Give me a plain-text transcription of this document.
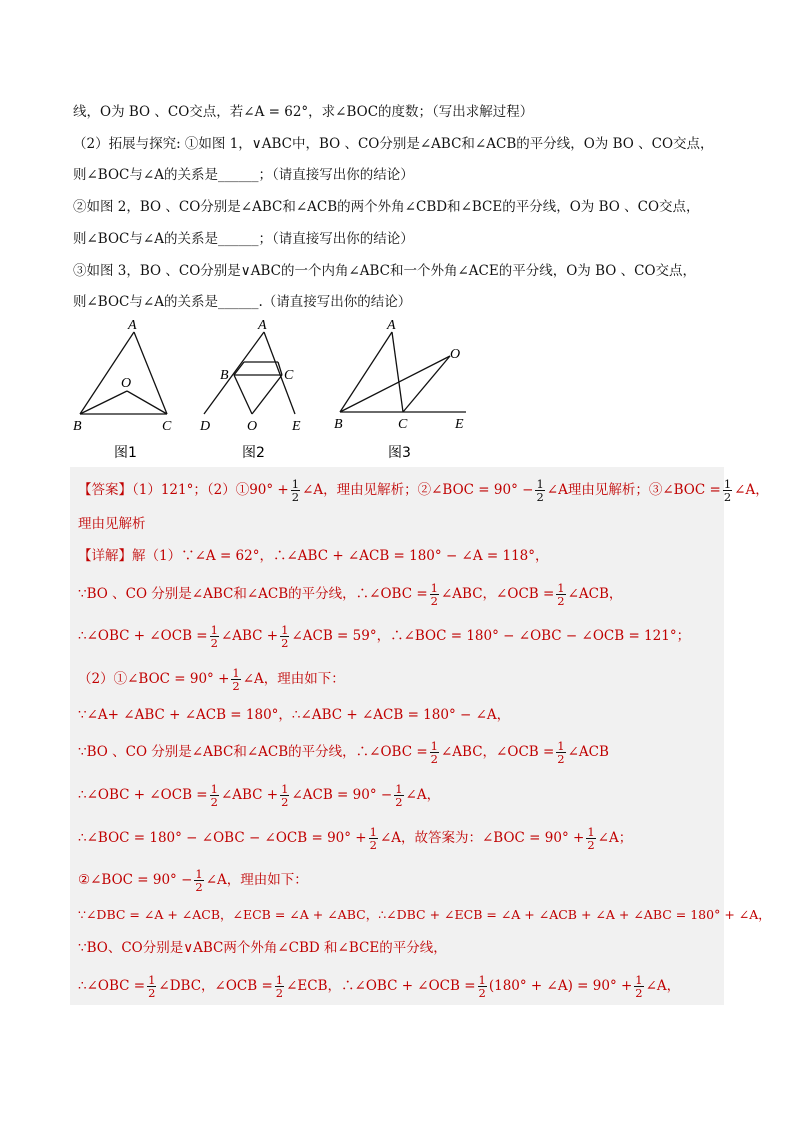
线，O为 BO 、CO交点，若∠A = 62°，求∠BOC的度数；（写出求解过程）
（2）拓展与探究: ①如图 1，∨ABC中，BO 、CO分别是∠ABC和∠ACB的平分线，O为 BO 、CO交点，
则∠BOC与∠A的关系是______；（请直接写出你的结论）
②如图 2，BO 、CO分别是∠ABC和∠ACB的两个外角∠CBD和∠BCE的平分线，O为 BO 、CO交点，
则∠BOC与∠A的关系是______；（请直接写出你的结论）
③如图 3，BO 、CO分别是∨ABC的一个内角∠ABC和一个外角∠ACE的平分线，O为 BO 、CO交点，
则∠BOC与∠A的关系是______.（请直接写出你的结论）
A
B	C
O
A
B	C
O
D	E
A
B	C
O
E
图1	图2	图3
【答案】（1）121°；（2）①90° + $\frac{1}{2}$ ∠A，理由见解析；②∠BOC = $90^\circ - \frac{1}{2}$ ∠A理由见解析；③∠BOC = $\frac{1}{2}$ ∠A，
理由见解析
【详解】解（1）∵∠A = 62°，∴∠ABC + ∠ACB = 180° − ∠A = 118°，
∵BO 、CO 分别是∠ABC和∠ACB的平分线，∴∠OBC = $\frac{1}{2}$ ∠ABC，∠OCB = $\frac{1}{2}$ ∠ACB，
∴∠OBC + ∠OCB = $\frac{1}{2}$ ∠ABC + $\frac{1}{2}$ ∠ACB = 59°，∴∠BOC = 180° − ∠OBC − ∠OCB = 121°；
（2）①∠BOC = $90^\circ + \frac{1}{2}$ ∠A，理由如下：
∵∠A+ ∠ABC + ∠ACB = 180°，∴∠ABC + ∠ACB = 180° − ∠A，
∵BO 、CO 分别是∠ABC和∠ACB的平分线，∴∠OBC = $\frac{1}{2}$ ∠ABC，∠OCB = $\frac{1}{2}$ ∠ACB
∴∠OBC + ∠OCB = $\frac{1}{2}$ ∠ABC + $\frac{1}{2}$ ∠ACB = $90^\circ - \frac{1}{2}$ ∠A，
∴∠BOC = 180° − ∠OBC − ∠OCB = $90^\circ + \frac{1}{2}$ ∠A，故答案为：∠BOC = $90^\circ + \frac{1}{2}$ ∠A；
②∠BOC = $90^\circ - \frac{1}{2}$ ∠A，理由如下：
∵∠DBC = ∠A + ∠ACB，∠ECB = ∠A + ∠ABC，∴∠DBC + ∠ECB = ∠A + ∠ACB + ∠A + ∠ABC = 180° + ∠A，
∵BO、CO分别是∨ABC两个外角∠CBD 和∠BCE的平分线，
∴∠OBC = $\frac{1}{2}$ ∠DBC，∠OCB = $\frac{1}{2}$ ∠ECB，∴∠OBC + ∠OCB = $\frac{1}{2} (180^\circ$ + ∠A) = $90^\circ + \frac{1}{2}$ ∠A，
